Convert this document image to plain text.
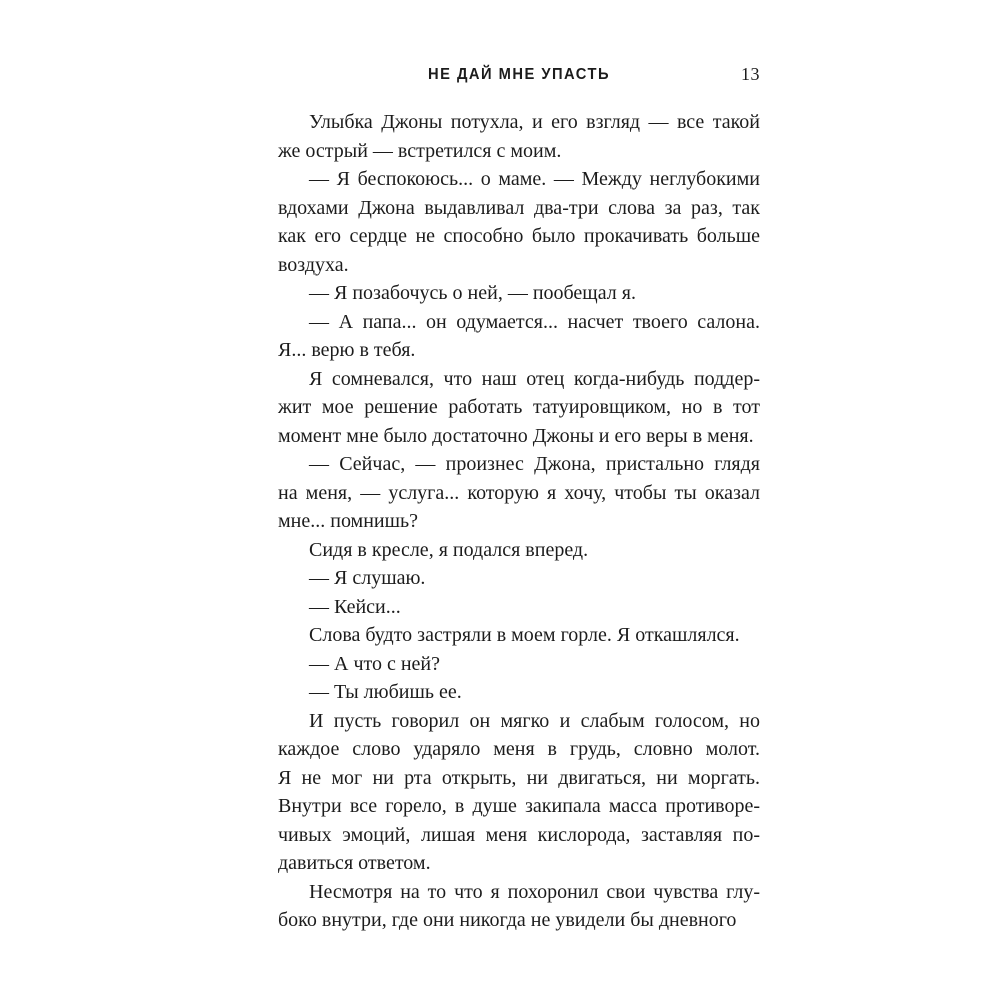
НЕ ДАЙ МНЕ УПАСТЬ	13

Улыбка Джоны потухла, и его взгляд — все такой
же острый — встретился с моим.

— Я беспокоюсь... о маме. — Между неглубокими
вдохами Джона выдавливал два-три слова за раз, так
как его сердце не способно было прокачивать больше
воздуха.

— Я позабочусь о ней, — пообещал я.

— А папа... он одумается... насчет твоего салона.
Я... верю в тебя.

Я сомневался, что наш отец когда-нибудь поддер-
жит мое решение работать татуировщиком, но в тот
момент мне было достаточно Джоны и его веры в меня.

— Сейчас, — произнес Джона, пристально глядя
на меня, — услуга... которую я хочу, чтобы ты оказал
мне... помнишь?

Сидя в кресле, я подался вперед.

— Я слушаю.

— Кейси...

Слова будто застряли в моем горле. Я откашлялся.

— А что с ней?

— Ты любишь ее.

И пусть говорил он мягко и слабым голосом, но
каждое слово ударяло меня в грудь, словно молот.
Я не мог ни рта открыть, ни двигаться, ни моргать.
Внутри все горело, в душе закипала масса противоре-
чивых эмоций, лишая меня кислорода, заставляя по-
давиться ответом.

Несмотря на то что я похоронил свои чувства глу-
боко внутри, где они никогда не увидели бы дневного
